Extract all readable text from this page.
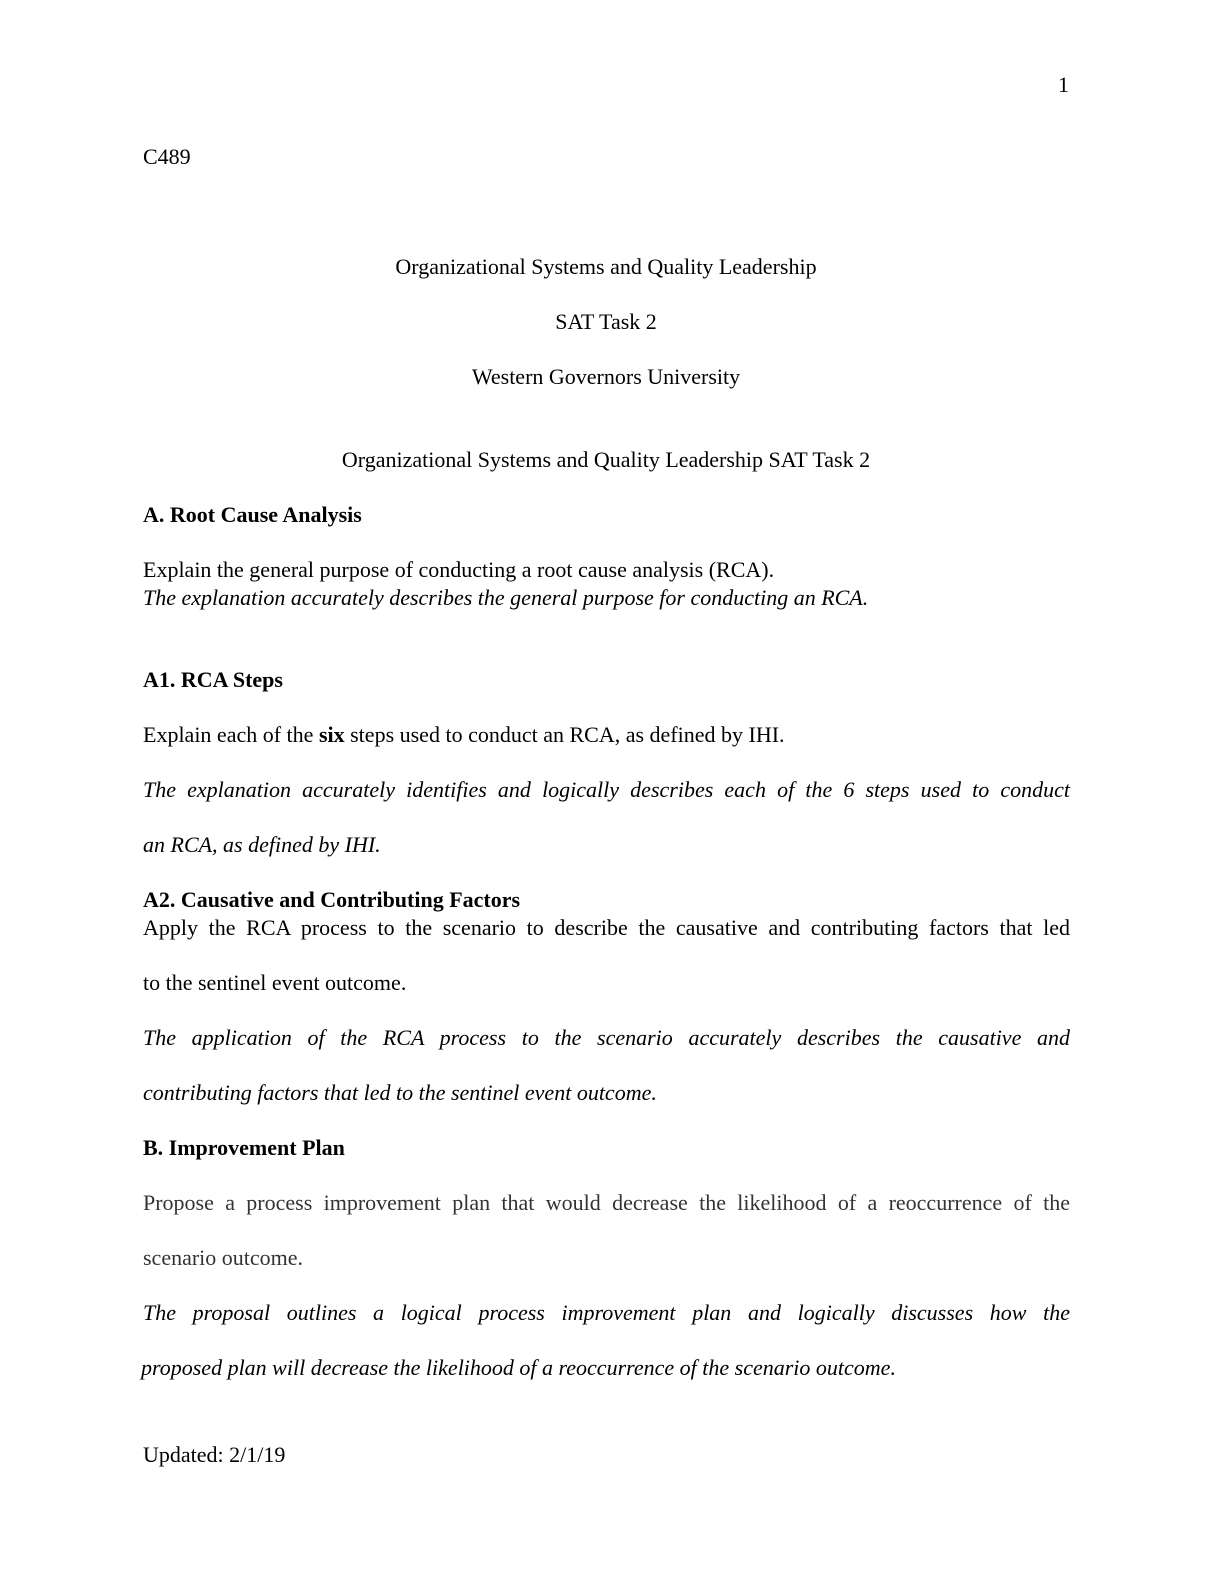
1
C489
Organizational Systems and Quality Leadership
SAT Task 2
Western Governors University
Organizational Systems and Quality Leadership SAT Task 2
A. Root Cause Analysis
Explain the general purpose of conducting a root cause analysis (RCA).
The explanation accurately describes the general purpose for conducting an RCA.
A1. RCA Steps
Explain each of the six steps used to conduct an RCA, as defined by IHI.
The explanation accurately identifies and logically describes each of the 6 steps used to conduct
an RCA, as defined by IHI.
A2. Causative and Contributing Factors
Apply the RCA process to the scenario to describe the causative and contributing factors that led
to the sentinel event outcome.
The application of the RCA process to the scenario accurately describes the causative and
contributing factors that led to the sentinel event outcome.
B. Improvement Plan
Propose a process improvement plan that would decrease the likelihood of a reoccurrence of the
scenario outcome.
The proposal outlines a logical process improvement plan and logically discusses how the
proposed plan will decrease the likelihood of a reoccurrence of the scenario outcome.
Updated: 2/1/19
